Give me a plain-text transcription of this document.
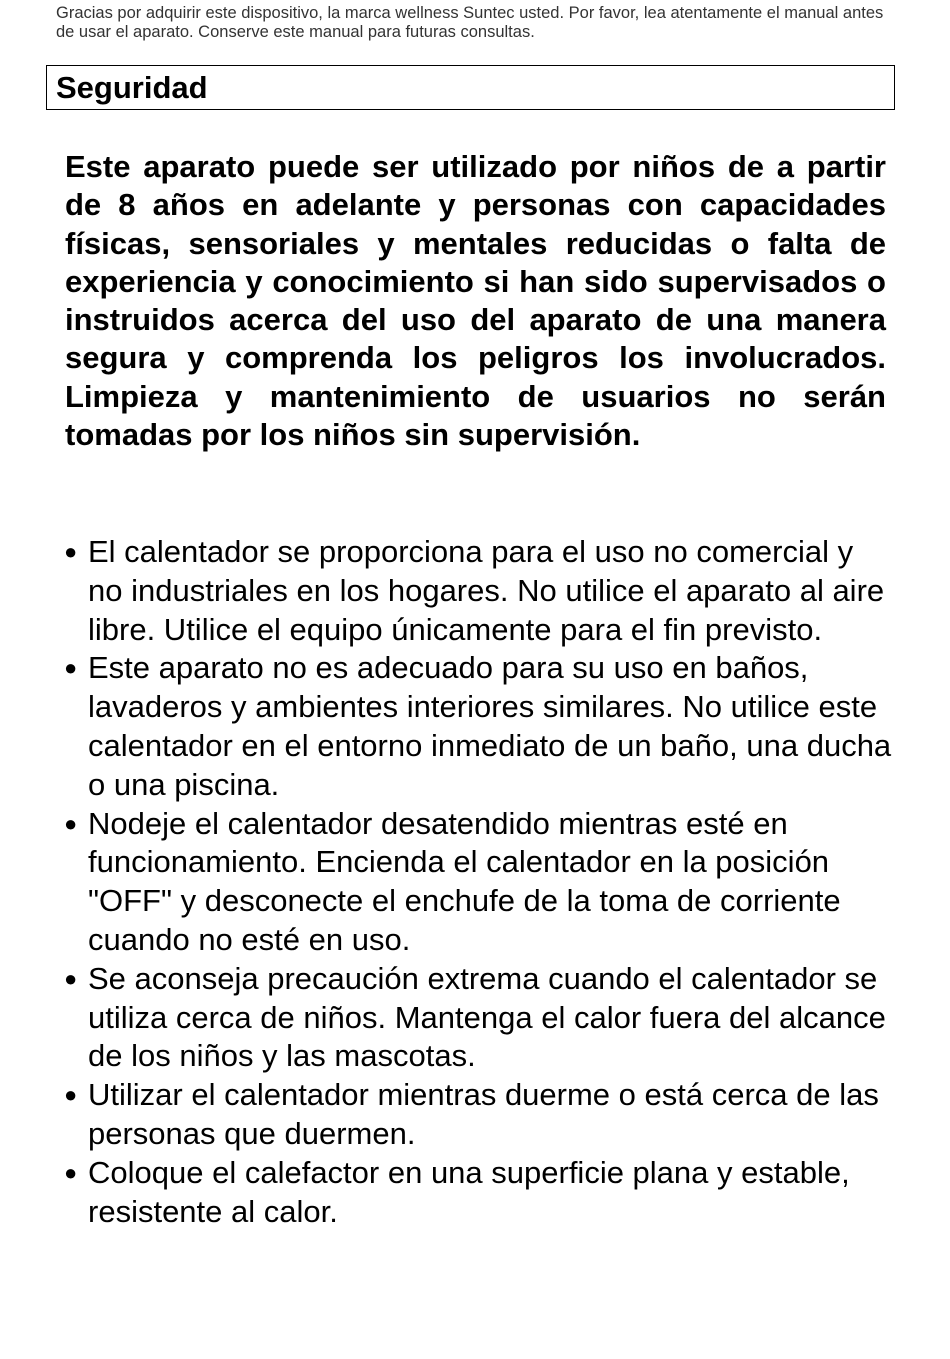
Gracias por adquirir este dispositivo, la marca wellness Suntec usted. Por favor, lea atentamente el manual antes de usar el aparato. Conserve este manual para futuras consultas.
Seguridad

Este aparato puede ser utilizado por niños de a partir de 8 años en adelante y personas con capacidades físicas, sensoriales y mentales reducidas o falta de experiencia y conocimiento si han sido supervisados o instruidos acerca del uso del aparato de una manera segura y comprenda los peligros los involucrados. Limpieza y mantenimiento de usuarios no serán tomadas por los niños sin supervisión.

● El calentador se proporciona para el uso no comercial y no industriales en los hogares. No utilice el aparato al aire libre. Utilice el equipo únicamente para el fin previsto.
● Este aparato no es adecuado para su uso en baños, lavaderos y ambientes interiores similares. No utilice este calentador en el entorno inmediato de un baño, una ducha o una piscina.
● Nodeje el calentador desatendido mientras esté en funcionamiento. Encienda el calentador en la posición "OFF" y desconecte el enchufe de la toma de corriente cuando no esté en uso.
● Se aconseja precaución extrema cuando el calentador se utiliza cerca de niños. Mantenga el calor fuera del alcance de los niños y las mascotas.
● Utilizar el calentador mientras duerme o está cerca de las personas que duermen.
● Coloque el calefactor en una superficie plana y estable, resistente al calor.
